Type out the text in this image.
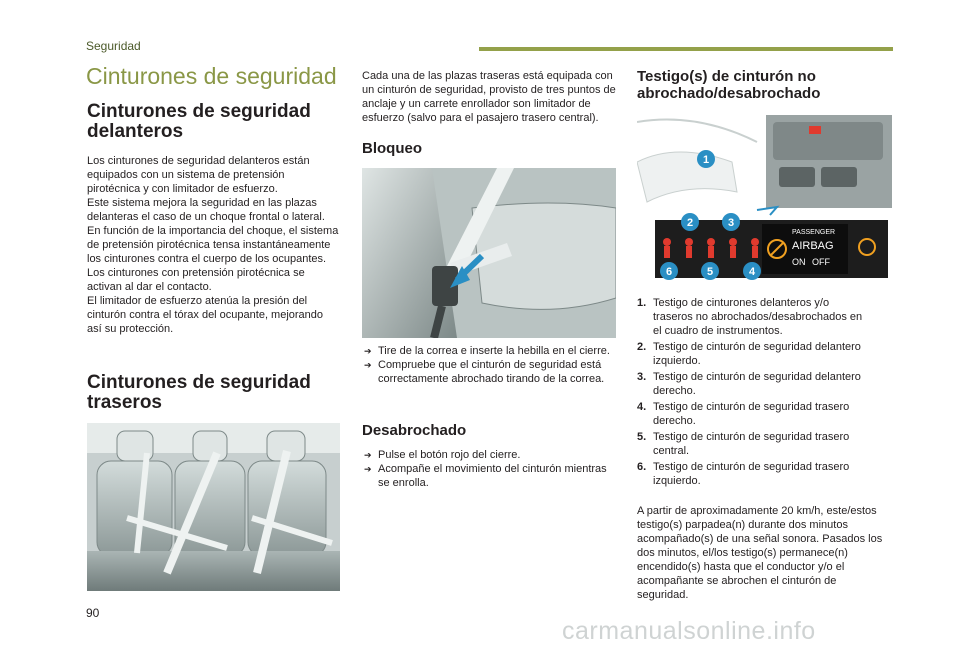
Seguridad
Cinturones de seguridad
Cinturones de seguridad
delanteros

Los cinturones de seguridad delanteros están equipados con un sistema de pretensión pirotécnica y con limitador de esfuerzo.

Este sistema mejora la seguridad en las plazas delanteras el caso de un choque frontal o lateral. En función de la importancia del choque, el sistema de pretensión pirotécnica tensa instantáneamente los cinturones contra el cuerpo de los ocupantes.

Los cinturones con pretensión pirotécnica se activan al dar el contacto.

El limitador de esfuerzo atenúa la presión del cinturón contra el tórax del ocupante, mejorando así su protección.

Cinturones de seguridad
traseros

Cada una de las plazas traseras está equipada con un cinturón de seguridad, provisto de tres puntos de anclaje y un carrete enrollador son limitador de esfuerzo (salvo para el pasajero trasero central).

Bloqueo
➔ Tire de la correa e inserte la hebilla en el cierre.
➔ Compruebe que el cinturón de seguridad está correctamente abrochado tirando de la correa.
Desabrochado
➔ Pulse el botón rojo del cierre.
➔ Acompañe el movimiento del cinturón mientras se enrolla.
Testigo(s) de cinturón no
abrochado/desabrochado
PASSENGER
AIRBAG
ON OFF
1
2	3
4
5
6
1. Testigo de cinturones delanteros y/o
traseros no abrochados/desabrochados en
el cuadro de instrumentos.
2. Testigo de cinturón de seguridad delantero
izquierdo.
3. Testigo de cinturón de seguridad delantero
derecho.
4. Testigo de cinturón de seguridad trasero
derecho.
5. Testigo de cinturón de seguridad trasero
central.
6. Testigo de cinturón de seguridad trasero
izquierdo.

A partir de aproximadamente 20 km/h, este/estos testigo(s) parpadea(n) durante dos minutos acompañado(s) de una señal sonora. Pasados los dos minutos, el/los testigo(s) permanece(n) encendido(s) hasta que el conductor y/o el acompañante se abrochen el cinturón de seguridad.

90
carmanualsonline.info
